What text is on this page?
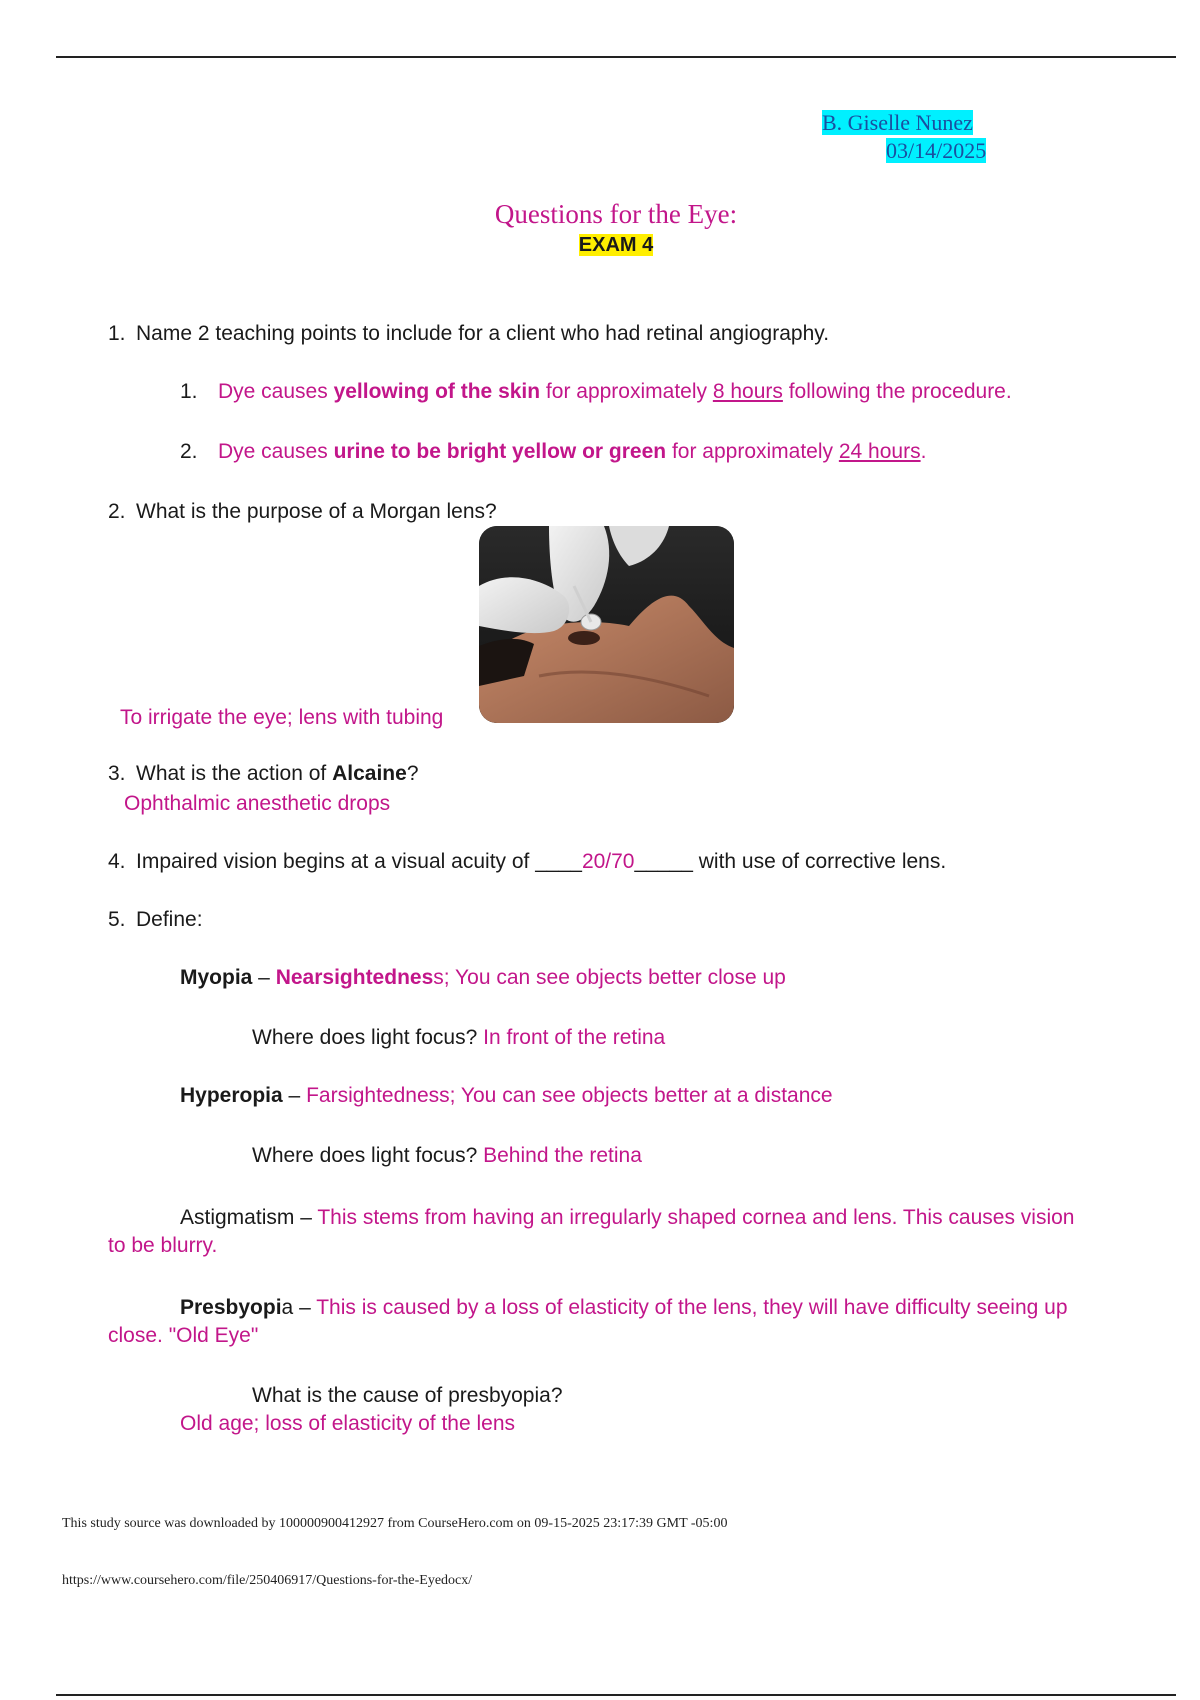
B. Giselle Nunez
03/14/2025
Questions for the Eye:
EXAM 4
1. Name 2 teaching points to include for a client who had retinal angiography.
1. Dye causes yellowing of the skin for approximately 8 hours following the procedure.
2. Dye causes urine to be bright yellow or green for approximately 24 hours.
2. What is the purpose of a Morgan lens?
To irrigate the eye; lens with tubing
3. What is the action of Alcaine?
Ophthalmic anesthetic drops
4. Impaired vision begins at a visual acuity of ____20/70_____ with use of corrective lens.
5. Define:
Myopia – Nearsightedness; You can see objects better close up
Where does light focus? In front of the retina
Hyperopia – Farsightedness; You can see objects better at a distance
Where does light focus? Behind the retina
Astigmatism – This stems from having an irregularly shaped cornea and lens. This causes vision
to be blurry.
Presbyopia – This is caused by a loss of elasticity of the lens, they will have difficulty seeing up
close. "Old Eye"
What is the cause of presbyopia?
Old age; loss of elasticity of the lens
This study source was downloaded by 100000900412927 from CourseHero.com on 09-15-2025 23:17:39 GMT -05:00
https://www.coursehero.com/file/250406917/Questions-for-the-Eyedocx/
